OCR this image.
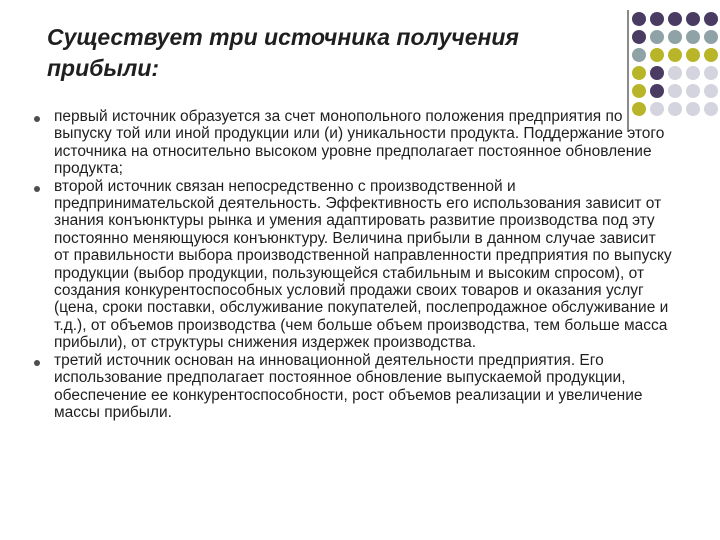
Существует три источника получения прибыли:
первый источник образуется за счет монопольного положения предприятия по выпуску той или иной продукции или (и) уникальности продукта. Поддержание этого источника на относительно высоком уровне предполагает постоянное обновление продукта;
второй источник связан непосредственно с производственной и предпринимательской деятельность. Эффективность его использования зависит от знания конъюнктуры рынка и умения адаптировать развитие производства под эту постоянно меняющуюся конъюнктуру. Величина прибыли в данном случае зависит от правильности выбора производственной направленности предприятия по выпуску продукции (выбор продукции, пользующейся стабильным и высоким спросом), от создания конкурентоспособных условий продажи своих товаров и оказания услуг (цена, сроки поставки, обслуживание покупателей, послепродажное обслуживание и т.д.), от объемов производства (чем больше объем производства, тем больше масса прибыли), от структуры снижения издержек производства.
третий источник основан на инновационной деятельности предприятия. Его использование предполагает постоянное обновление выпускаемой продукции, обеспечение ее конкурентоспособности, рост объемов реализации и увеличение массы прибыли.
